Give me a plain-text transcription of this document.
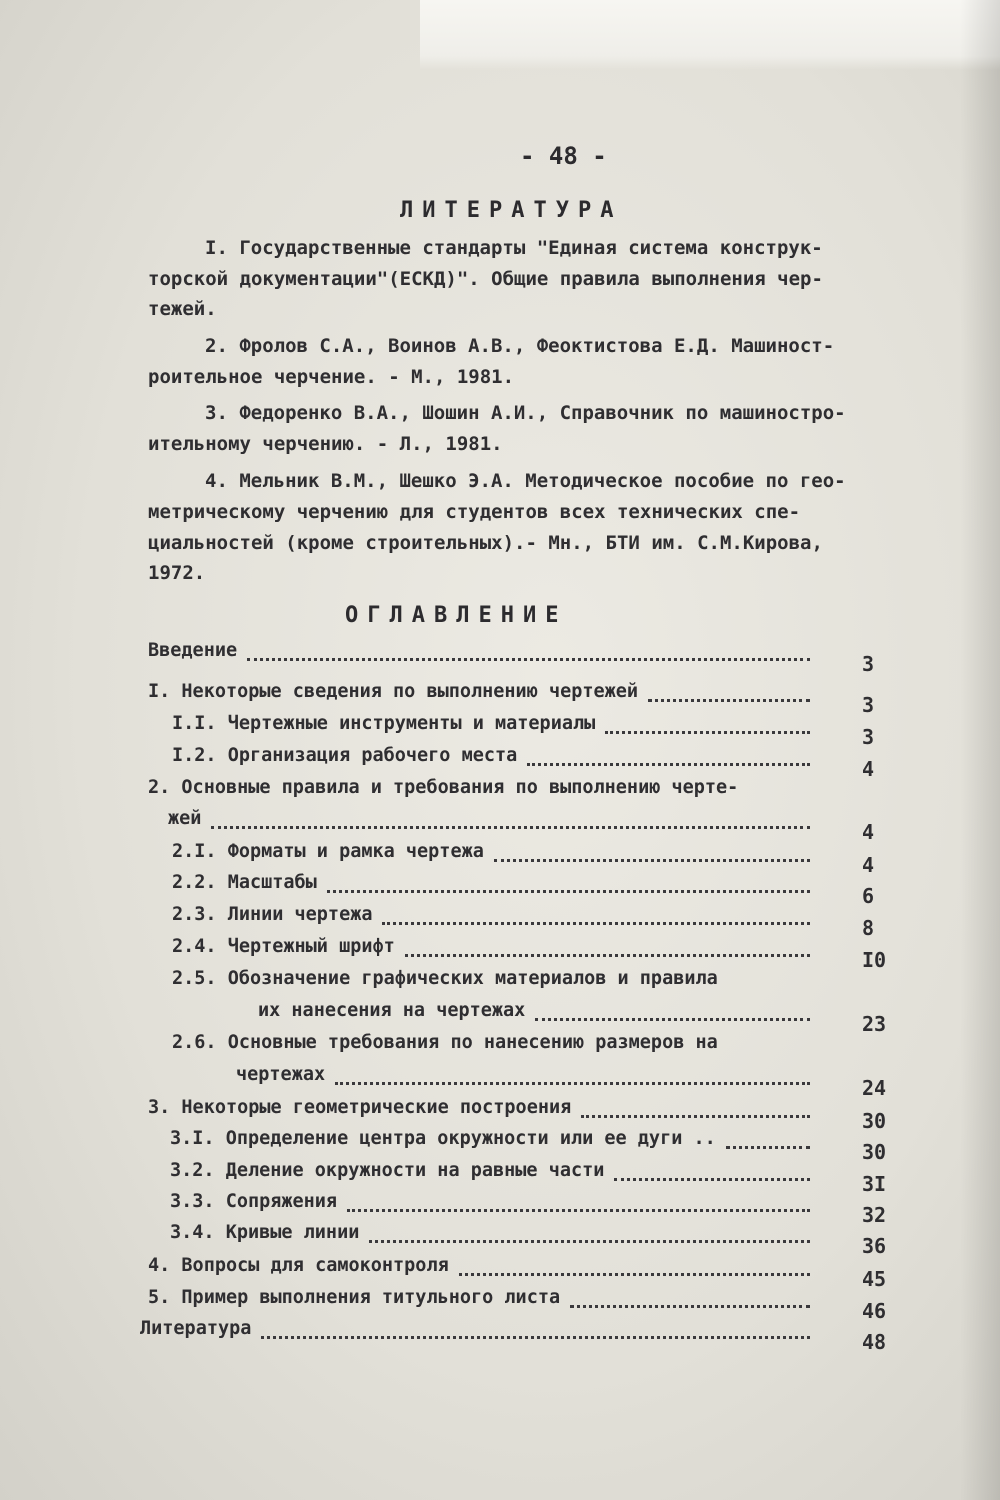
- 48 -
ЛИТЕРАТУРА
I. Государственные стандарты "Единая система конструк-
торской документации"(ЕСКД)". Общие правила выполнения чер-
тежей.
2. Фролов С.А., Воинов А.В., Феоктистова Е.Д. Машиност-
роительное черчение. - М., 1981.
3. Федоренко В.А., Шошин А.И., Справочник по машиностро-
ительному черчению. - Л., 1981.
4. Мельник В.М., Шешко Э.А. Методическое пособие по гео-
метрическому черчению для студентов всех технических спе-
циальностей (кроме строительных).- Мн., БТИ им. С.М.Кирова,
1972.
ОГЛАВЛЕНИЕ
Введение
3
I. Некоторые сведения по выполнению чертежей
3
I.I. Чертежные инструменты и материалы
3
I.2. Организация рабочего места
4
2. Основные правила и требования по выполнению черте-
жей
4
2.I. Форматы и рамка чертежа
4
2.2. Масштабы
6
2.3. Линии чертежа
8
2.4. Чертежный шрифт
I0
2.5. Обозначение графических материалов и правила
их нанесения на чертежах
23
2.6. Основные требования по нанесению размеров на
чертежах
24
3. Некоторые геометрические построения
30
3.I. Определение центра окружности или ее дуги ..
30
3.2. Деление окружности на равные части
3I
3.3. Сопряжения
32
3.4. Кривые линии
36
4. Вопросы для самоконтроля
45
5. Пример выполнения титульного листа
46
Литература
48
